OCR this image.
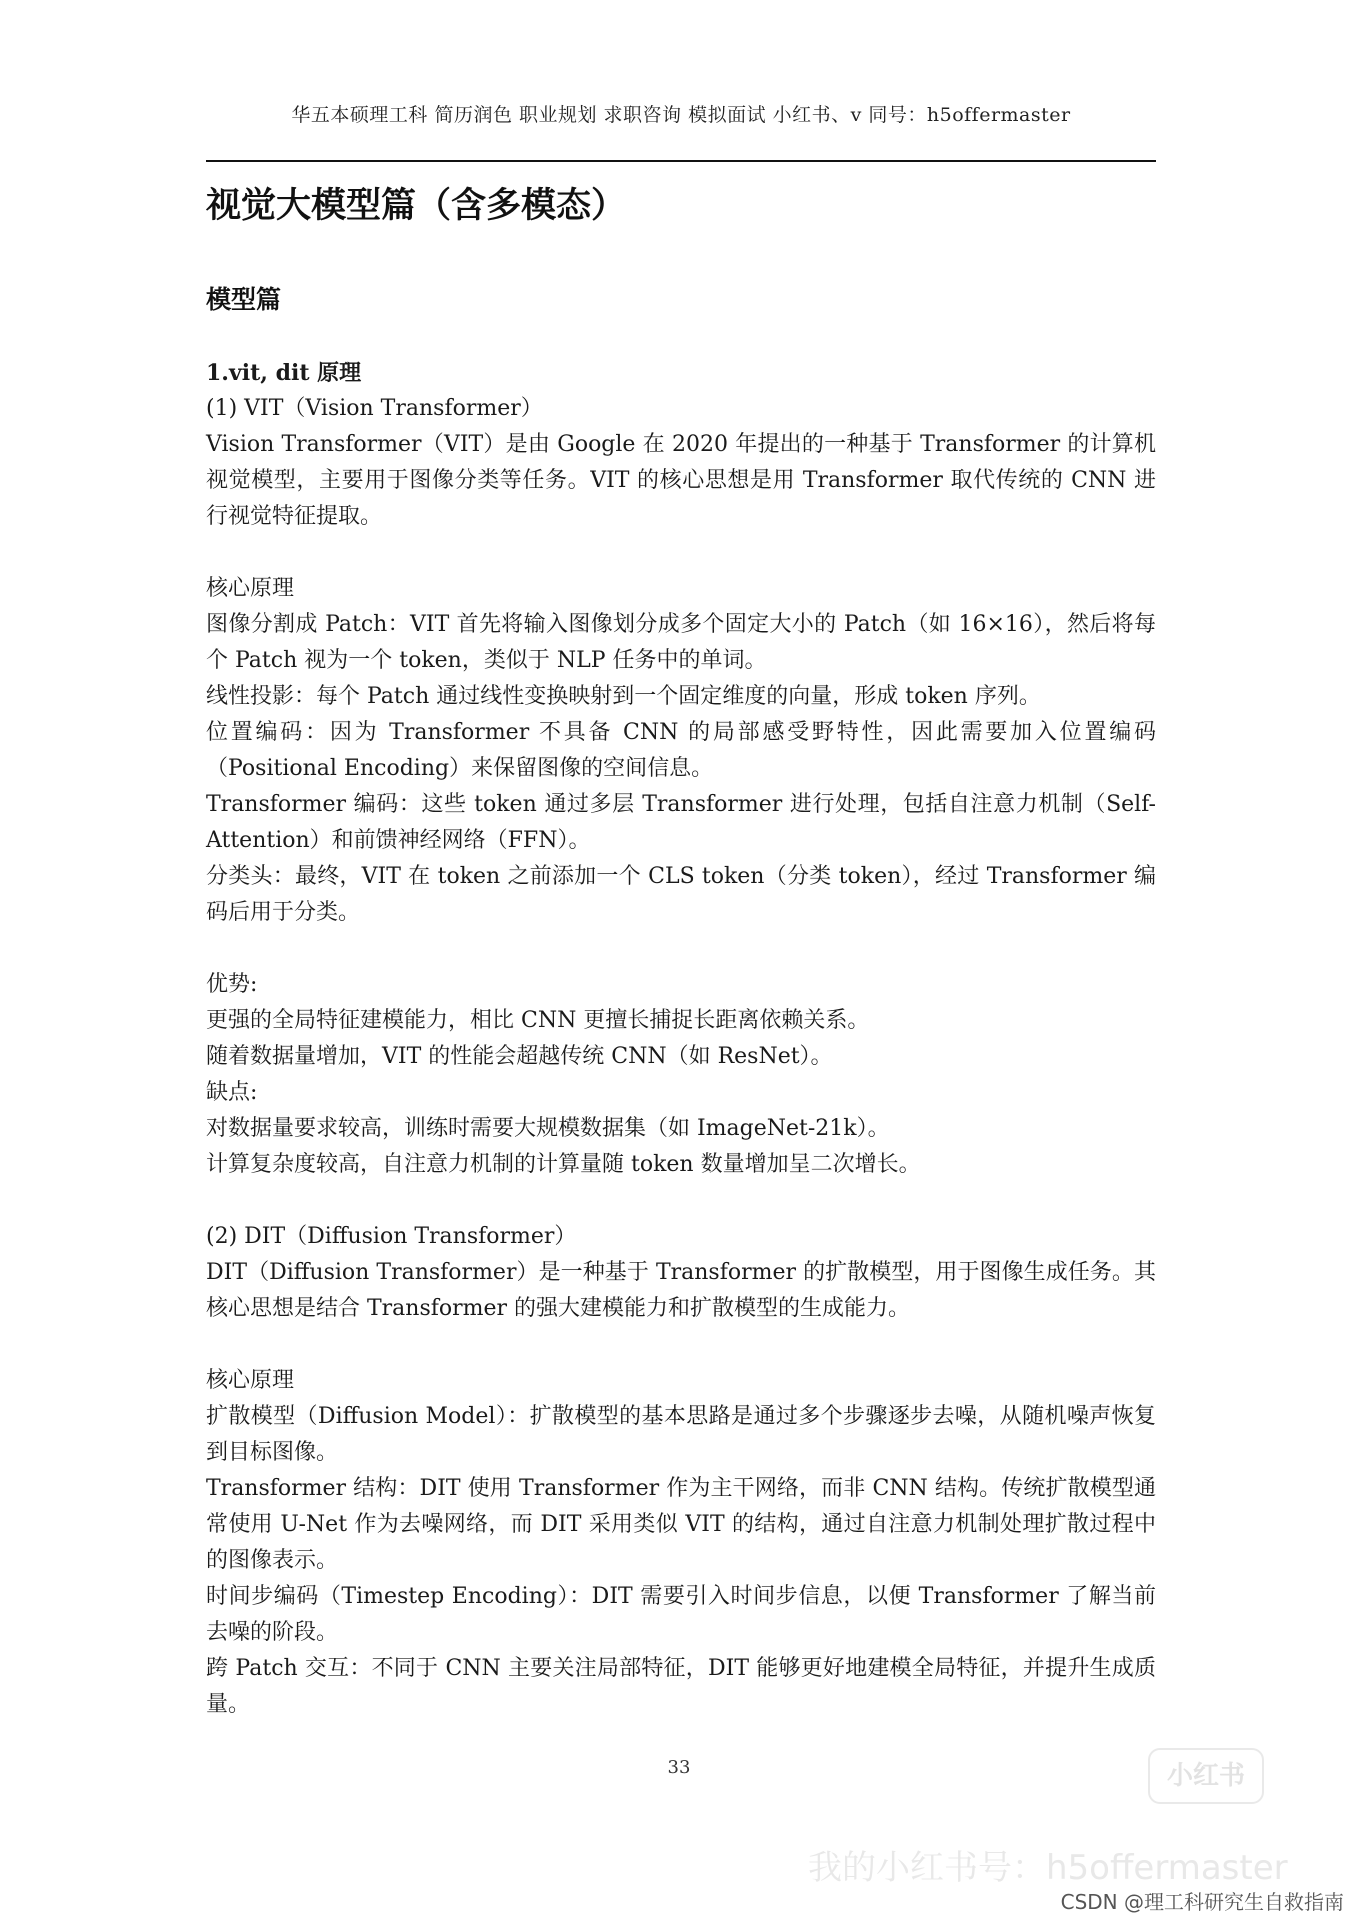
华五本硕理工科 简历润色 职业规划 求职咨询 模拟面试 小红书、v 同号：h5offermaster
视觉大模型篇（含多模态）
模型篇
1.vit, dit 原理
(1) VIT（Vision Transformer）
Vision Transformer（VIT）是由 Google 在 2020 年提出的一种基于 Transformer 的计算机视觉模型，主要用于图像分类等任务。VIT 的核心思想是用 Transformer 取代传统的 CNN 进行视觉特征提取。
核心原理
图像分割成 Patch：VIT 首先将输入图像划分成多个固定大小的 Patch（如 16×16），然后将每个 Patch 视为一个 token，类似于 NLP 任务中的单词。
线性投影：每个 Patch 通过线性变换映射到一个固定维度的向量，形成 token 序列。
位置编码：因为 Transformer 不具备 CNN 的局部感受野特性，因此需要加入位置编码（Positional Encoding）来保留图像的空间信息。
Transformer 编码：这些 token 通过多层 Transformer 进行处理，包括自注意力机制（Self-Attention）和前馈神经网络（FFN）。
分类头：最终，VIT 在 token 之前添加一个 CLS token（分类 token），经过 Transformer 编码后用于分类。
优势:
更强的全局特征建模能力，相比 CNN 更擅长捕捉长距离依赖关系。
随着数据量增加，VIT 的性能会超越传统 CNN（如 ResNet）。
缺点:
对数据量要求较高，训练时需要大规模数据集（如 ImageNet-21k）。
计算复杂度较高，自注意力机制的计算量随 token 数量增加呈二次增长。
(2) DIT（Diffusion Transformer）
DIT（Diffusion Transformer）是一种基于 Transformer 的扩散模型，用于图像生成任务。其核心思想是结合 Transformer 的强大建模能力和扩散模型的生成能力。
核心原理
扩散模型（Diffusion Model）：扩散模型的基本思路是通过多个步骤逐步去噪，从随机噪声恢复到目标图像。
Transformer 结构：DIT 使用 Transformer 作为主干网络，而非 CNN 结构。传统扩散模型通常使用 U-Net 作为去噪网络，而 DIT 采用类似 VIT 的结构，通过自注意力机制处理扩散过程中的图像表示。
时间步编码（Timestep Encoding）：DIT 需要引入时间步信息，以便 Transformer 了解当前去噪的阶段。
跨 Patch 交互：不同于 CNN 主要关注局部特征，DIT 能够更好地建模全局特征，并提升生成质量。
33	小红书
我的小红书号：h5offermaster
CSDN @理工科研究生自救指南
